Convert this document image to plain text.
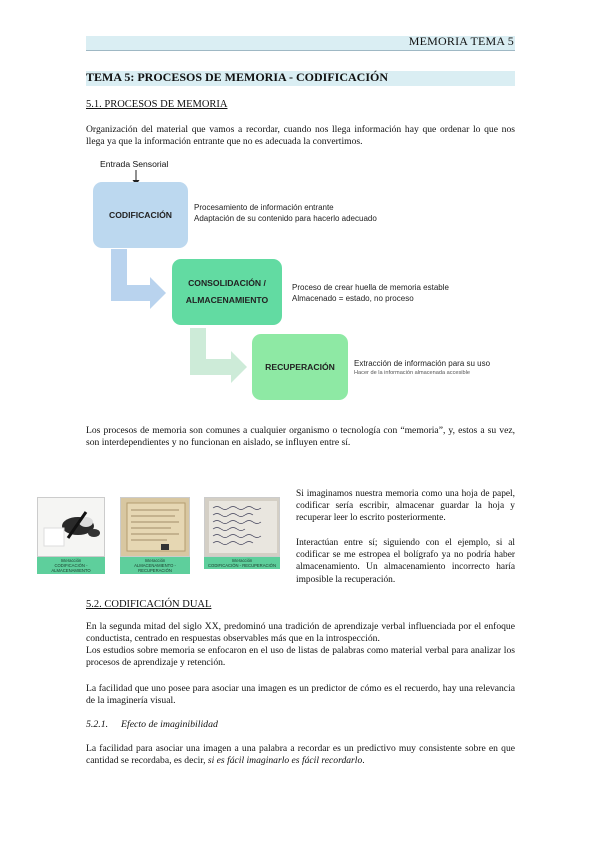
MEMORIA TEMA 5
TEMA 5: PROCESOS DE MEMORIA - CODIFICACIÓN
5.1. PROCESOS DE MEMORIA

Organización del material que vamos a recordar, cuando nos llega información hay que ordenar lo que nos llega ya que la información entrante que no es adecuada la convertimos.

Entrada Sensorial
CODIFICACIÓN
Procesamiento de información entrante
Adaptación de su contenido para hacerlo adecuado
CONSOLIDACIÓN /
ALMACENAMIENTO
Proceso de crear huella de memoria estable
Almacenado = estado, no proceso
RECUPERACIÓN Extracción de información para su uso
Hacer de la información almacenada accesible

Los procesos de memoria son comunes a cualquier organismo o tecnología con “memoria”, y, estos a su vez, son interdependientes y no funcionan en aislado, se influyen entre sí.

Interacción
CODIFICACIÓN - ALMACENAMIENTO
Interacción
ALMACENAMIENTO - RECUPERACIÓN
Interacción
CODIFICACIÓN - RECUPERACIÓN
Si imaginamos nuestra memoria como una hoja de papel, codificar sería escribir, almacenar guardar la hoja y recuperar leer lo escrito posteriormente.
Interactúan entre sí; siguiendo con el ejemplo, si al codificar se me estropea el bolígrafo ya no podría haber almacenamiento. Un almacenamiento incorrecto haría imposible la recuperación.
5.2. CODIFICACIÓN DUAL

En la segunda mitad del siglo XX, predominó una tradición de aprendizaje verbal influenciada por el enfoque conductista, centrado en respuestas observables más que en la introspección.

Los estudios sobre memoria se enfocaron en el uso de listas de palabras como material verbal para analizar los procesos de aprendizaje y retención.

La facilidad que uno posee para asociar una imagen es un predictor de cómo es el recuerdo, hay una relevancia de la imaginería visual.

5.2.1. Efecto de imaginibilidad

La facilidad para asociar una imagen a una palabra a recordar es un predictivo muy consistente sobre en que cantidad se recordaba, es decir, si es fácil imaginarlo es fácil recordarlo.
